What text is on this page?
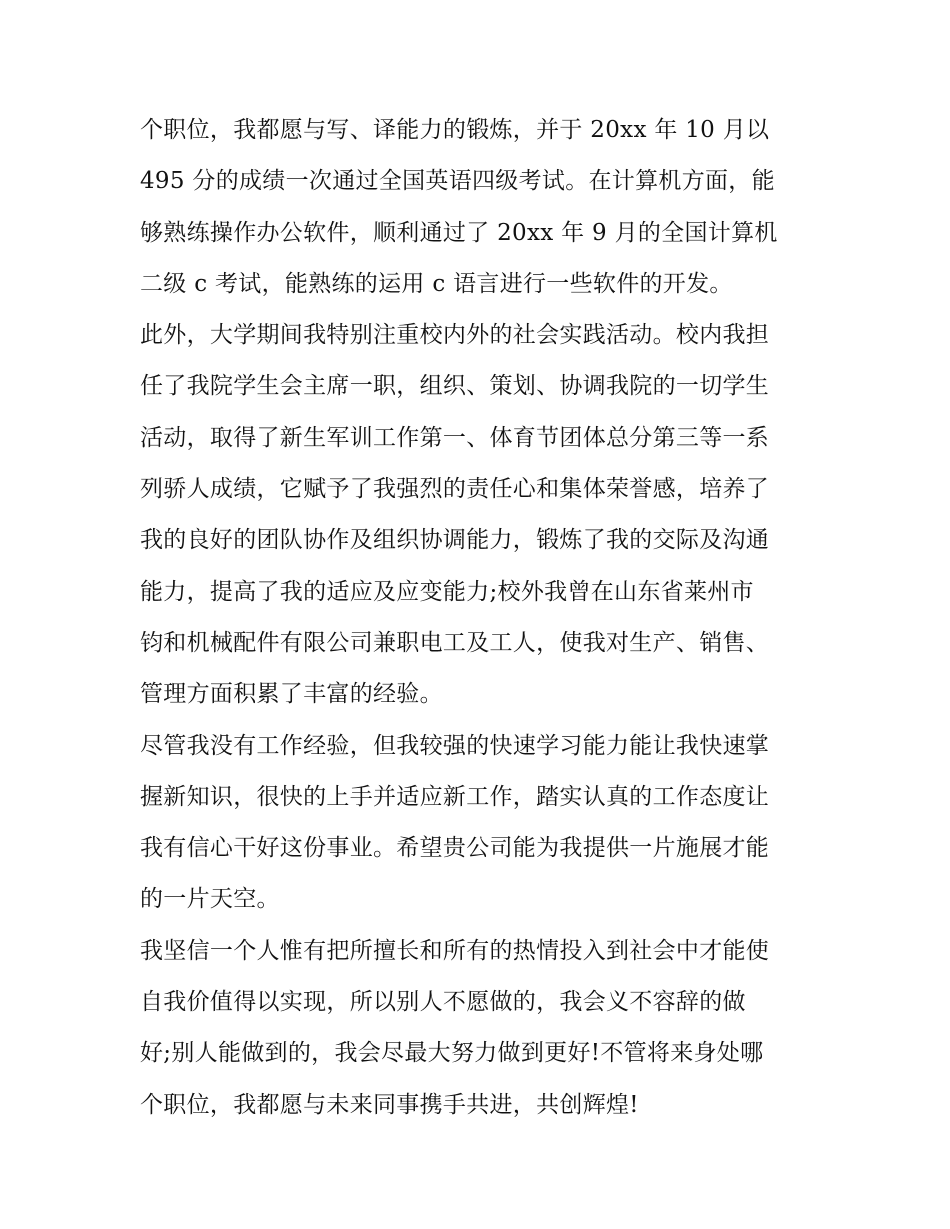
个职位，我都愿与写、译能力的锻炼，并于 20xx 年 10 月以
495 分的成绩一次通过全国英语四级考试。在计算机方面，能
够熟练操作办公软件，顺利通过了 20xx 年 9 月的全国计算机
二级 c 考试，能熟练的运用 c 语言进行一些软件的开发。
此外，大学期间我特别注重校内外的社会实践活动。校内我担
任了我院学生会主席一职，组织、策划、协调我院的一切学生
活动，取得了新生军训工作第一、体育节团体总分第三等一系
列骄人成绩，它赋予了我强烈的责任心和集体荣誉感，培养了
我的良好的团队协作及组织协调能力，锻炼了我的交际及沟通
能力，提高了我的适应及应变能力;校外我曾在山东省莱州市
钧和机械配件有限公司兼职电工及工人，使我对生产、销售、
管理方面积累了丰富的经验。
尽管我没有工作经验，但我较强的快速学习能力能让我快速掌
握新知识，很快的上手并适应新工作，踏实认真的工作态度让
我有信心干好这份事业。希望贵公司能为我提供一片施展才能
的一片天空。
我坚信一个人惟有把所擅长和所有的热情投入到社会中才能使
自我价值得以实现，所以别人不愿做的，我会义不容辞的做
好;别人能做到的，我会尽最大努力做到更好!不管将来身处哪
个职位，我都愿与未来同事携手共进，共创辉煌!
